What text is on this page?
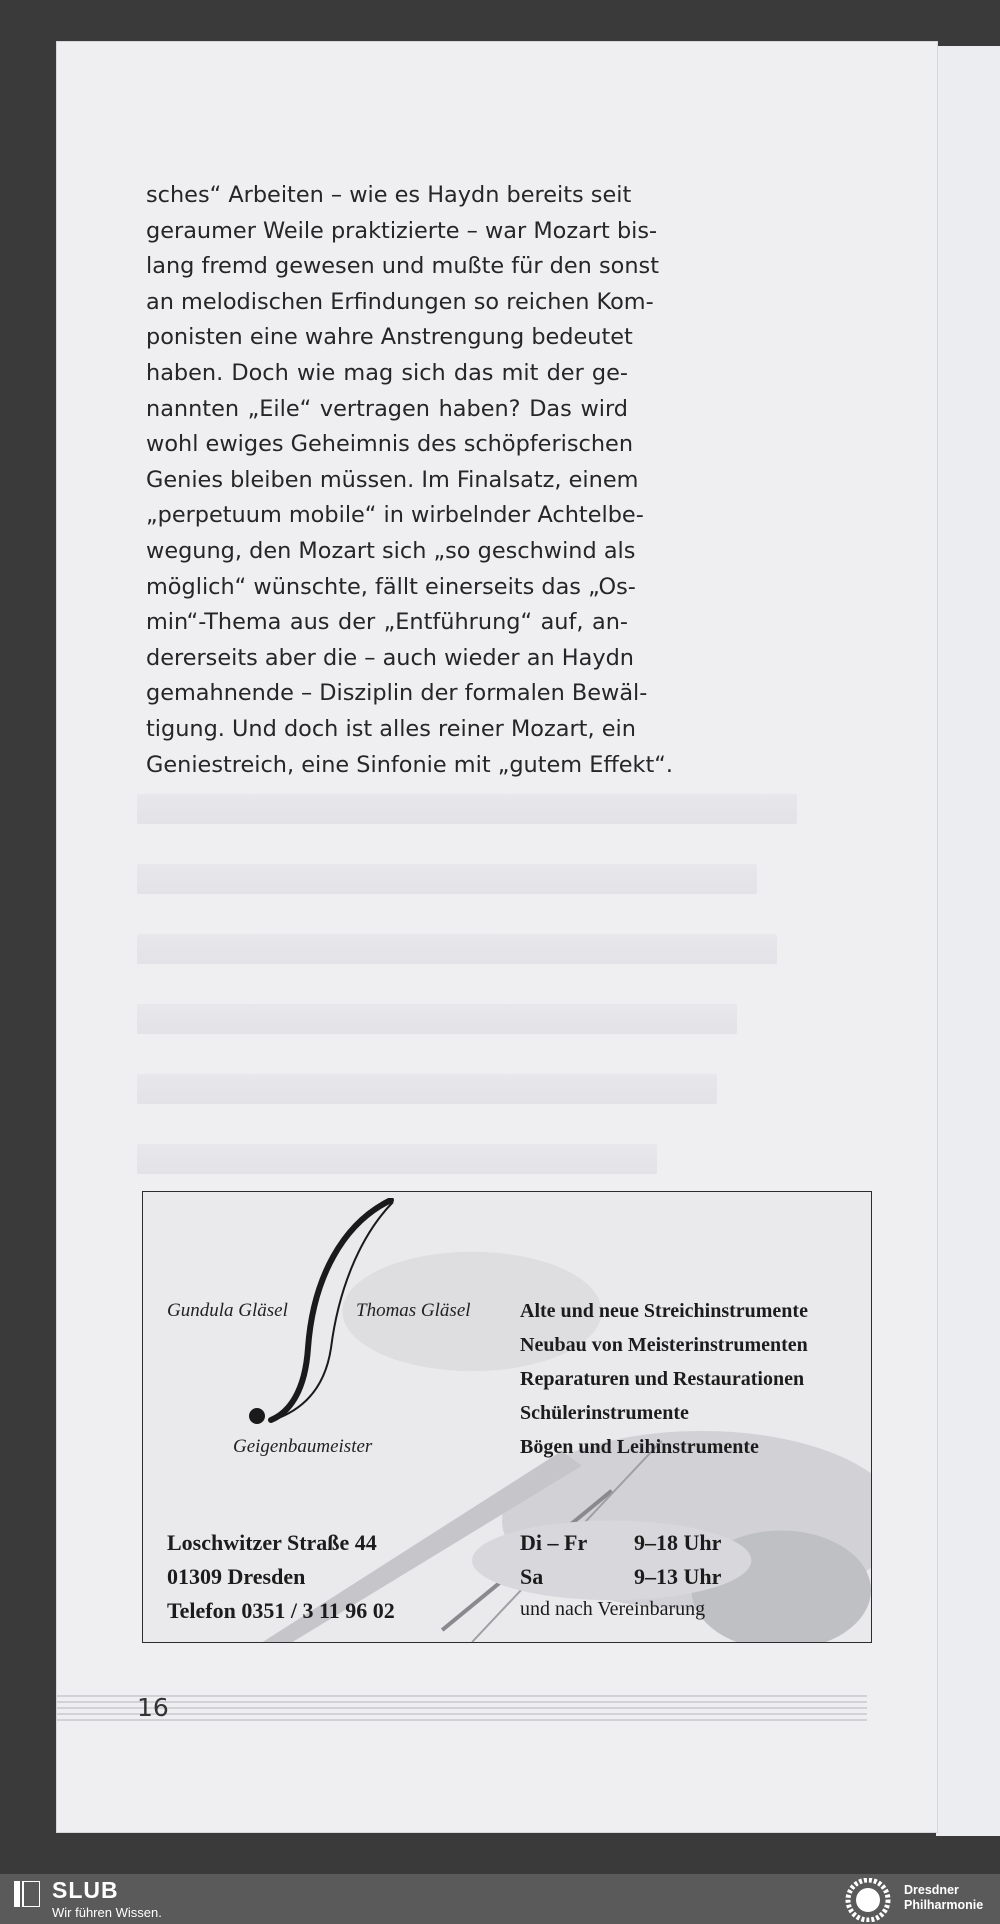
sches“ Arbeiten – wie es Haydn bereits seit
geraumer Weile praktizierte – war Mozart bis-
lang fremd gewesen und mußte für den sonst
an melodischen Erfindungen so reichen Kom-
ponisten eine wahre Anstrengung bedeutet
haben. Doch wie mag sich das mit der ge-
nannten „Eile“ vertragen haben? Das wird
wohl ewiges Geheimnis des schöpferischen
Genies bleiben müssen. Im Finalsatz, einem
„perpetuum mobile“ in wirbelnder Achtelbe-
wegung, den Mozart sich „so geschwind als
möglich“ wünschte, fällt einerseits das „Os-
min“-Thema aus der „Entführung“ auf, an-
dererseits aber die – auch wieder an Haydn
gemahnende – Disziplin der formalen Bewäl-
tigung. Und doch ist alles reiner Mozart, ein
Geniestreich, eine Sinfonie mit „gutem Effekt“.
Gundula Gläsel	Thomas Gläsel
Geigenbaumeister
Alte und neue Streichinstrumente
Neubau von Meisterinstrumenten
Reparaturen und Restaurationen
Schülerinstrumente
Bögen und Leihinstrumente
Loschwitzer Straße 44
01309 Dresden
Telefon 0351 / 3 11 96 02
Di – Fr 9–18 Uhr
Sa	9–13 Uhr
und nach Vereinbarung
16
SLUB
Wir führen Wissen.
Dresdner
Philharmonie
